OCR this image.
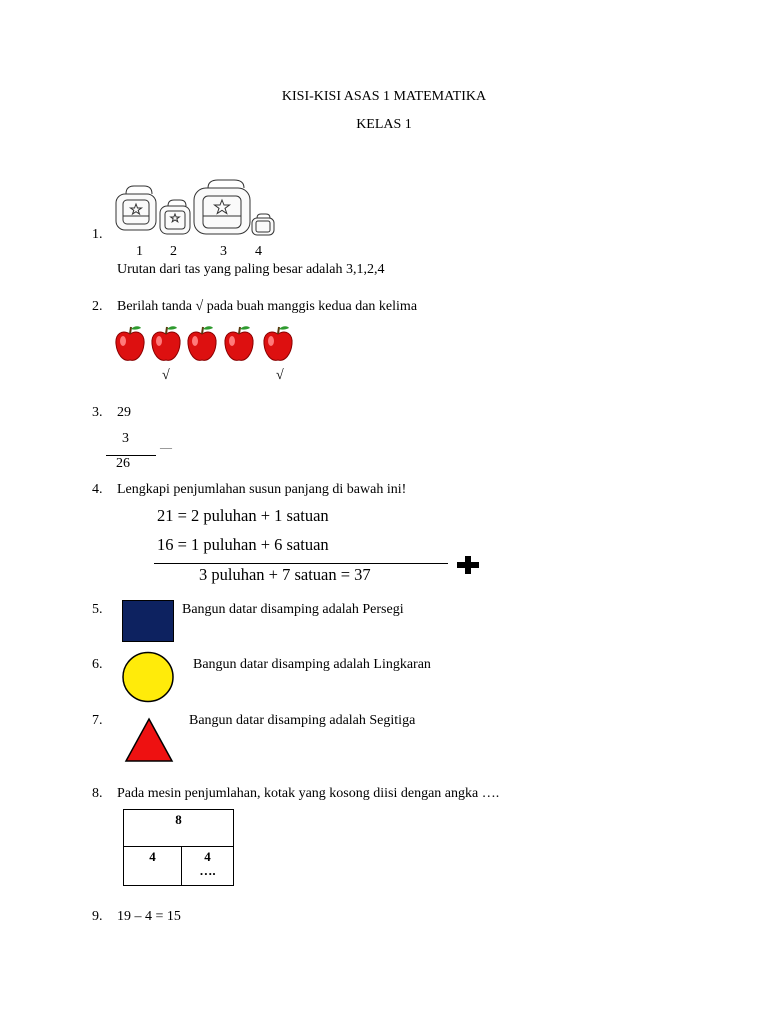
KISI-KISI ASAS 1 MATEMATIKA
KELAS 1
1.
1 2	3 4
Urutan dari tas yang paling besar adalah 3,1,2,4
2. Berilah tanda √ pada buah manggis kedua dan kelima
√	√
3. 29
3
—
26
4. Lengkapi penjumlahan susun panjang di bawah ini!
21 = 2 puluhan + 1 satuan
16 = 1 puluhan + 6 satuan
3 puluhan + 7 satuan = 37
5.	Bangun datar disamping adalah Persegi
6.	Bangun datar disamping adalah Lingkaran
7.	Bangun datar disamping adalah Segitiga
8. Pada mesin penjumlahan, kotak yang kosong diisi dengan angka ….
8
4	4
….
9. 19 – 4 = 15
